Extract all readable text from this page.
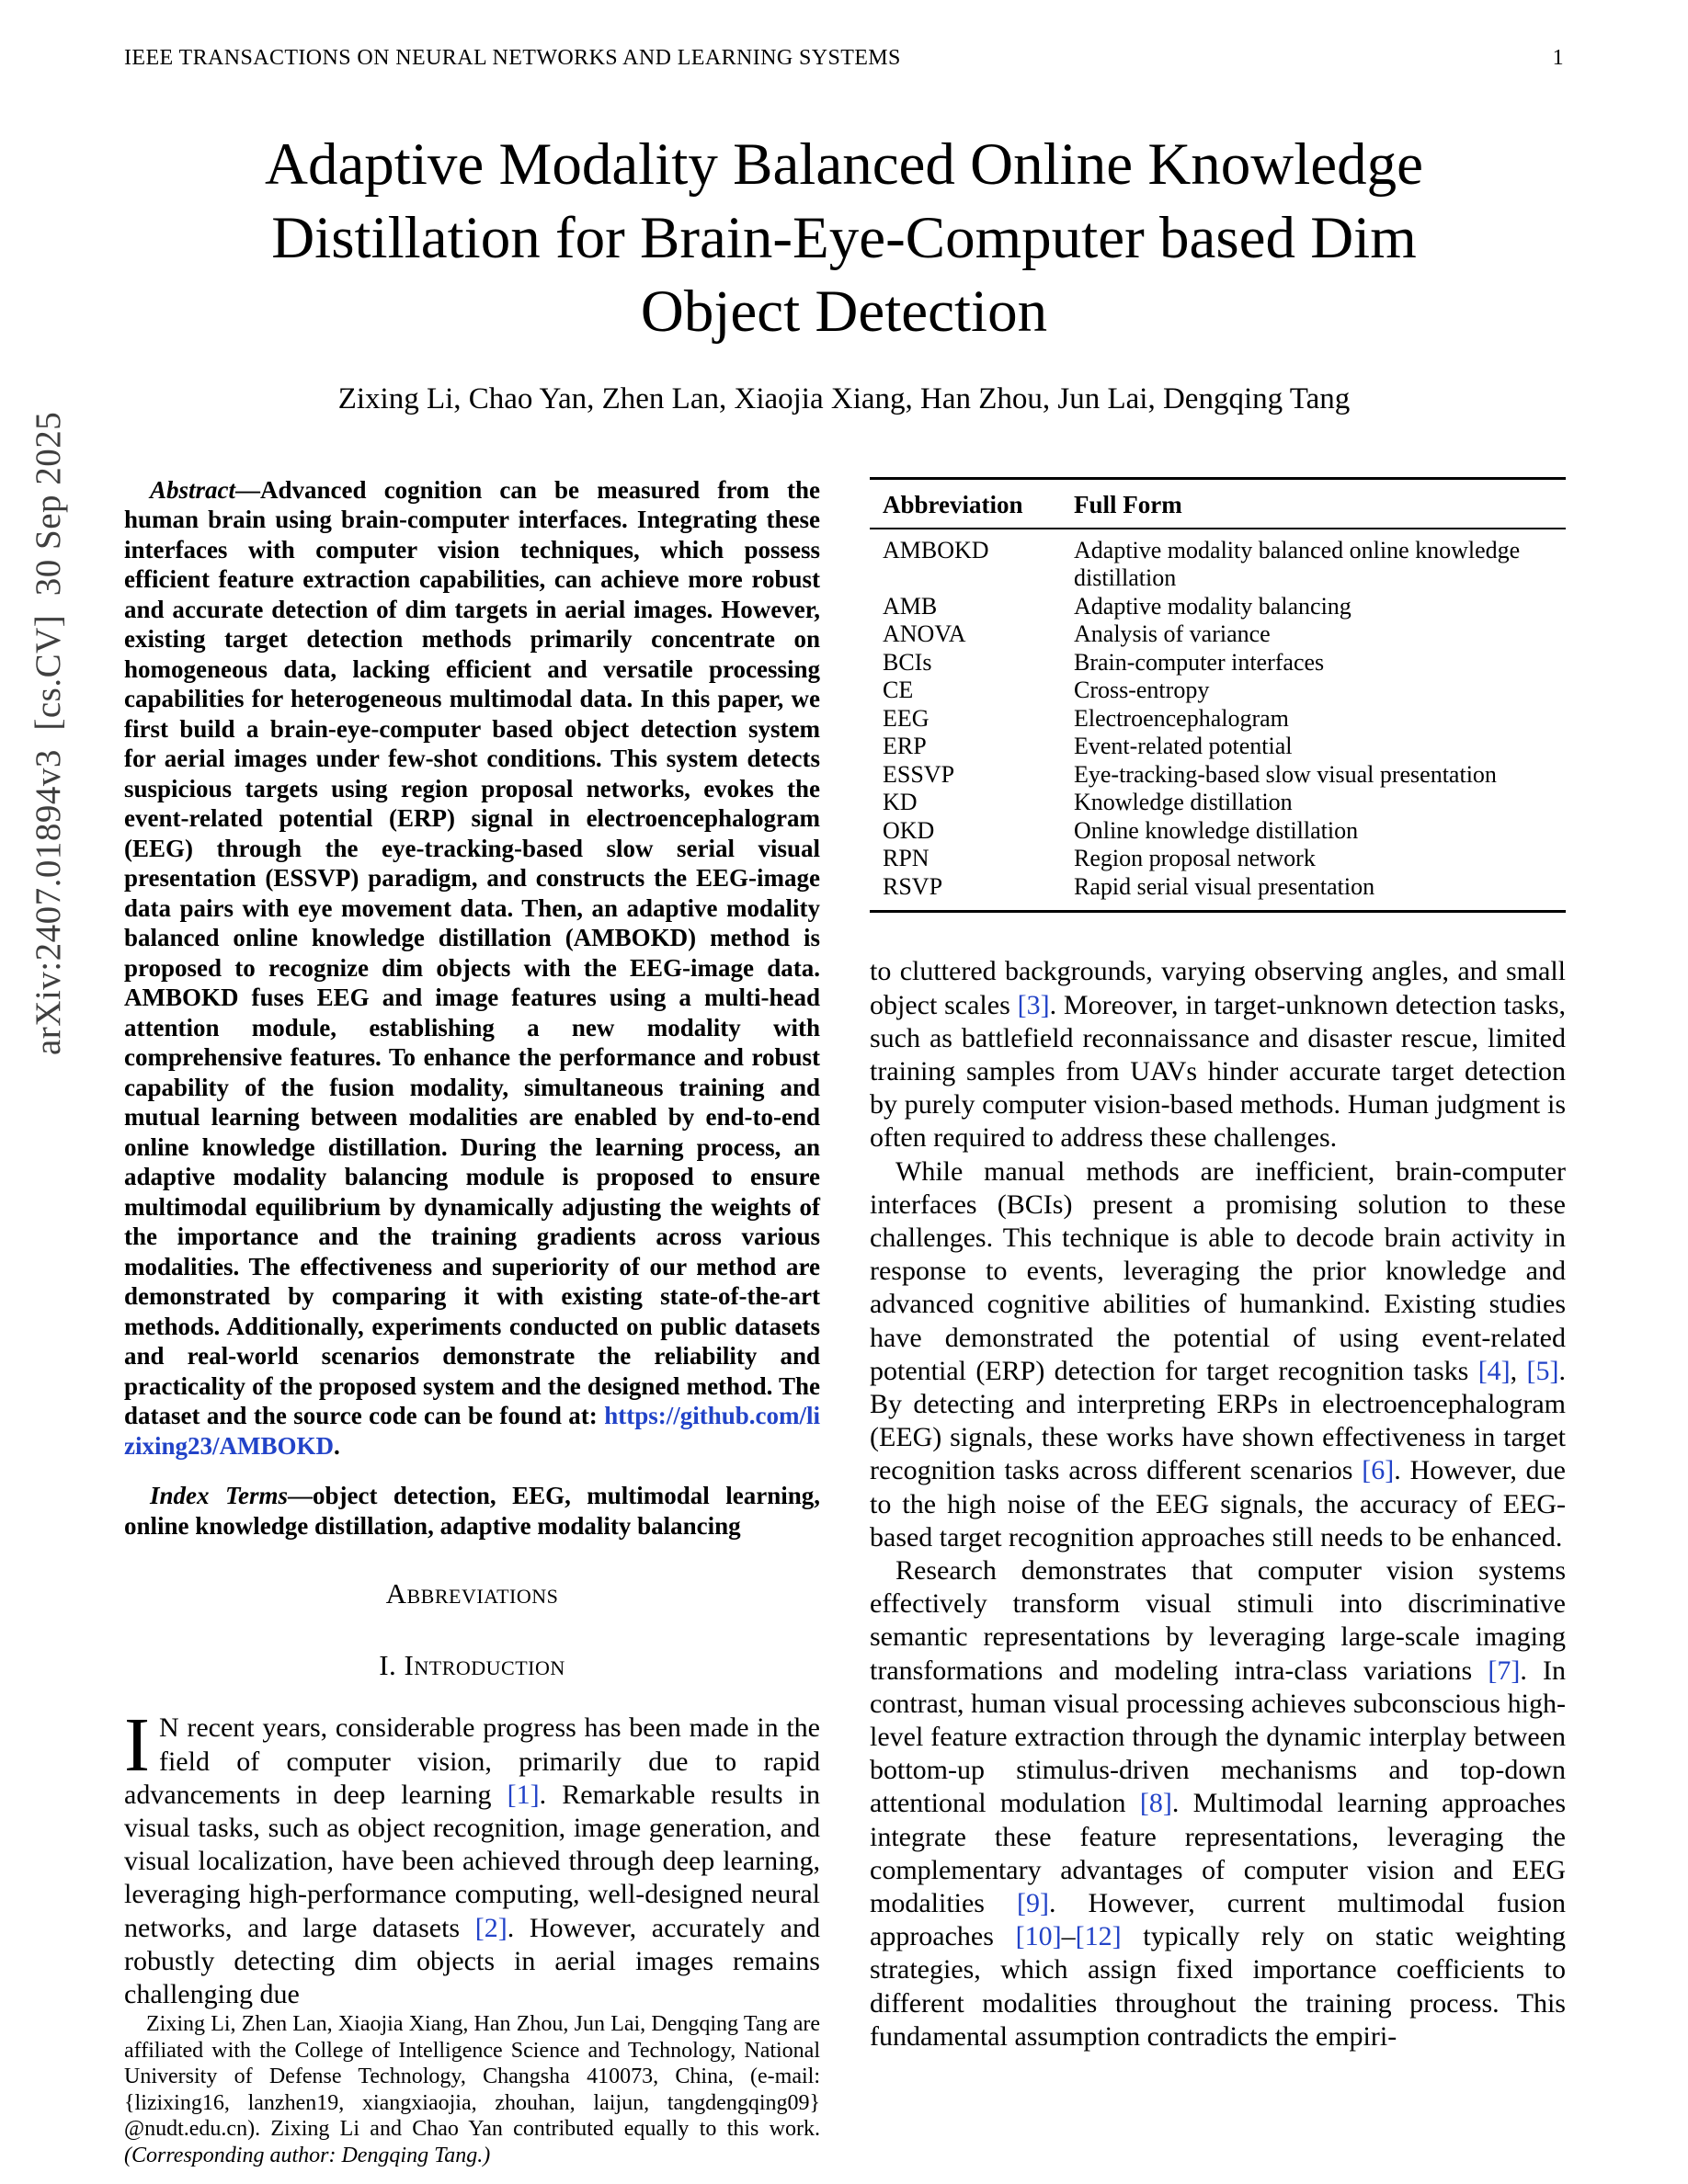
IEEE TRANSACTIONS ON NEURAL NETWORKS AND LEARNING SYSTEMS	1
arXiv:2407.01894v3  [cs.CV]  30 Sep 2025
Adaptive Modality Balanced Online Knowledge Distillation for Brain-Eye-Computer based Dim Object Detection
Zixing Li, Chao Yan, Zhen Lan, Xiaojia Xiang, Han Zhou, Jun Lai, Dengqing Tang

Abstract—Advanced cognition can be measured from the human brain using brain-computer interfaces. Integrating these interfaces with computer vision techniques, which possess efficient feature extraction capabilities, can achieve more robust and accurate detection of dim targets in aerial images. However, existing target detection methods primarily concentrate on homogeneous data, lacking efficient and versatile processing capabilities for heterogeneous multimodal data. In this paper, we first build a brain-eye-computer based object detection system for aerial images under few-shot conditions. This system detects suspicious targets using region proposal networks, evokes the event-related potential (ERP) signal in electroencephalogram (EEG) through the eye-tracking-based slow serial visual presentation (ESSVP) paradigm, and constructs the EEG-image data pairs with eye movement data. Then, an adaptive modality balanced online knowledge distillation (AMBOKD) method is proposed to recognize dim objects with the EEG-image data. AMBOKD fuses EEG and image features using a multi-head attention module, establishing a new modality with comprehensive features. To enhance the performance and robust capability of the fusion modality, simultaneous training and mutual learning between modalities are enabled by end-to-end online knowledge distillation. During the learning process, an adaptive modality balancing module is proposed to ensure multimodal equilibrium by dynamically adjusting the weights of the importance and the training gradients across various modalities. The effectiveness and superiority of our method are demonstrated by comparing it with existing state-of-the-art methods. Additionally, experiments conducted on public datasets and real-world scenarios demonstrate the reliability and practicality of the proposed system and the designed method. The dataset and the source code can be found at: https://github.com/lizixing23/AMBOKD.

Index Terms—object detection, EEG, multimodal learning, online knowledge distillation, adaptive modality balancing

Abbreviations
I. Introduction

I N recent years, considerable progress has been made in the field of computer vision, primarily due to rapid advancements in deep learning [1]. Remarkable results in visual tasks, such as object recognition, image generation, and visual localization, have been achieved through deep learning, leveraging high-performance computing, well-designed neural networks, and large datasets [2]. However, accurately and robustly detecting dim objects in aerial images remains challenging due

Zixing Li, Zhen Lan, Xiaojia Xiang, Han Zhou, Jun Lai, Dengqing Tang are affiliated with the College of Intelligence Science and Technology, National University of Defense Technology, Changsha 410073, China, (e-mail: {lizixing16, lanzhen19, xiangxiaojia, zhouhan, laijun, tangdengqing09} @nudt.edu.cn). Zixing Li and Chao Yan contributed equally to this work.(Corresponding author: Dengqing Tang.)

Abbreviation	Full Form
AMBOKD	Adaptive modality balanced online knowledge distillation
AMB	Adaptive modality balancing
ANOVA	Analysis of variance
BCIs	Brain-computer interfaces
CE	Cross-entropy
EEG	Electroencephalogram
ERP	Event-related potential
ESSVP	Eye-tracking-based slow visual presentation
KD	Knowledge distillation
OKD	Online knowledge distillation
RPN	Region proposal network
RSVP	Rapid serial visual presentation

to cluttered backgrounds, varying observing angles, and small object scales [3]. Moreover, in target-unknown detection tasks, such as battlefield reconnaissance and disaster rescue, limited training samples from UAVs hinder accurate target detection by purely computer vision-based methods. Human judgment is often required to address these challenges.

While manual methods are inefficient, brain-computer interfaces (BCIs) present a promising solution to these challenges. This technique is able to decode brain activity in response to events, leveraging the prior knowledge and advanced cognitive abilities of humankind. Existing studies have demonstrated the potential of using event-related potential (ERP) detection for target recognition tasks [4], [5]. By detecting and interpreting ERPs in electroencephalogram (EEG) signals, these works have shown effectiveness in target recognition tasks across different scenarios [6]. However, due to the high noise of the EEG signals, the accuracy of EEG-based target recognition approaches still needs to be enhanced.

Research demonstrates that computer vision systems effectively transform visual stimuli into discriminative semantic representations by leveraging large-scale imaging transformations and modeling intra-class variations [7]. In contrast, human visual processing achieves subconscious high-level feature extraction through the dynamic interplay between bottom-up stimulus-driven mechanisms and top-down attentional modulation [8]. Multimodal learning approaches integrate these feature representations, leveraging the complementary advantages of computer vision and EEG modalities [9]. However, current multimodal fusion approaches [10]–[12] typically rely on static weighting strategies, which assign fixed importance coefficients to different modalities throughout the training process. This fundamental assumption contradicts the empiri-
